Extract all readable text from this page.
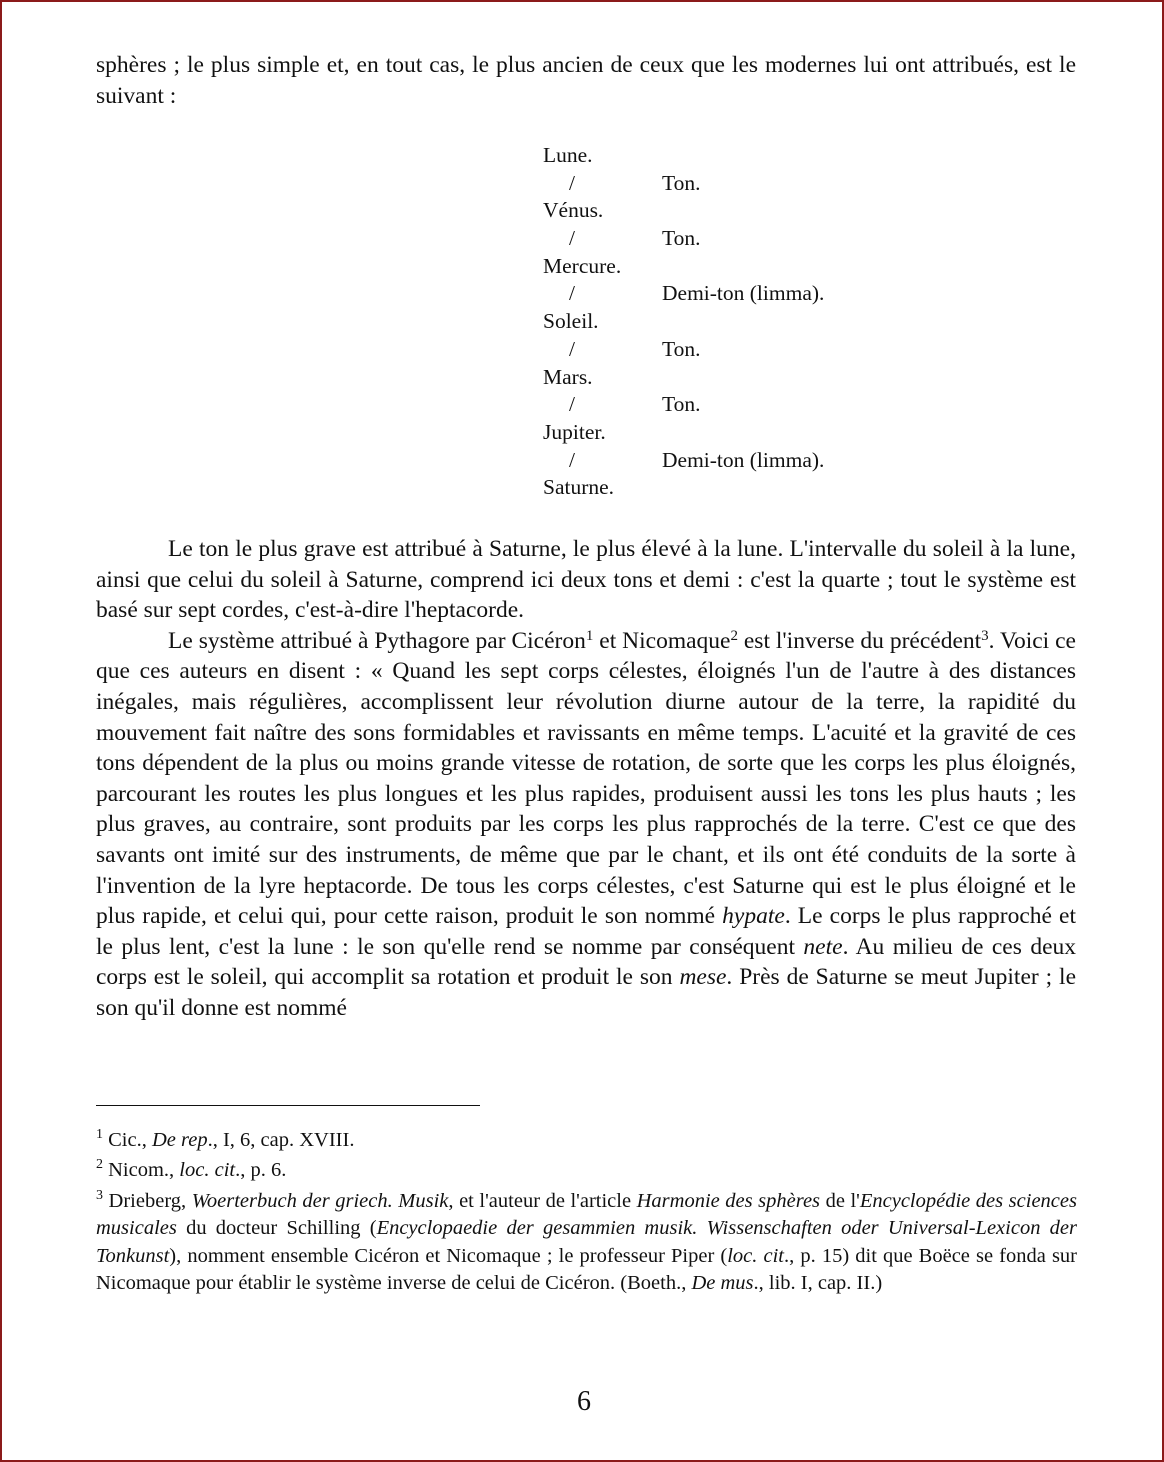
sphères ; le plus simple et, en tout cas, le plus ancien de ceux que les modernes lui ont attribués, est le suivant :

Lune.
/	Ton.
Vénus.
/	Ton.
Mercure.
/	Demi-ton (limma).
Soleil.
/	Ton.
Mars.
/	Ton.
Jupiter.
/	Demi-ton (limma).
Saturne.

Le ton le plus grave est attribué à Saturne, le plus élevé à la lune. L'intervalle du soleil à la lune, ainsi que celui du soleil à Saturne, comprend ici deux tons et demi : c'est la quarte ; tout le système est basé sur sept cordes, c'est-à-dire l'heptacorde.

Le système attribué à Pythagore par Cicéron$^1$ et Nicomaque$^2$ est l'inverse du précédent$^3$. Voici ce que ces auteurs en disent : « Quand les sept corps célestes, éloignés l'un de l'autre à des distances inégales, mais régulières, accomplissent leur révolution diurne autour de la terre, la rapidité du mouvement fait naître des sons formidables et ravissants en même temps. L'acuité et la gravité de ces tons dépendent de la plus ou moins grande vitesse de rotation, de sorte que les corps les plus éloignés, parcourant les routes les plus longues et les plus rapides, produisent aussi les tons les plus hauts ; les plus graves, au contraire, sont produits par les corps les plus rapprochés de la terre. C'est ce que des savants ont imité sur des instruments, de même que par le chant, et ils ont été conduits de la sorte à l'invention de la lyre heptacorde. De tous les corps célestes, c'est Saturne qui est le plus éloigné et le plus rapide, et celui qui, pour cette raison, produit le son nommé hypate. Le corps le plus rapproché et le plus lent, c'est la lune : le son qu'elle rend se nomme par conséquent nete. Au milieu de ces deux corps est le soleil, qui accomplit sa rotation et produit le son mese. Près de Saturne se meut Jupiter ; le son qu'il donne est nommé

$^1$ Cic., De rep., I, 6, cap. XVIII.

$^2$ Nicom., loc. cit., p. 6.

$^3$ Drieberg, Woerterbuch der griech. Musik, et l'auteur de l'article Harmonie des sphères de l'Encyclopédie des sciences musicales du docteur Schilling (Encyclopaedie der gesammien musik. Wissenschaften oder Universal-Lexicon der Tonkunst), nomment ensemble Cicéron et Nicomaque ; le professeur Piper (loc. cit., p. 15) dit que Boëce se fonda sur Nicomaque pour établir le système inverse de celui de Cicéron. (Boeth., De mus., lib. I, cap. II.)

6
